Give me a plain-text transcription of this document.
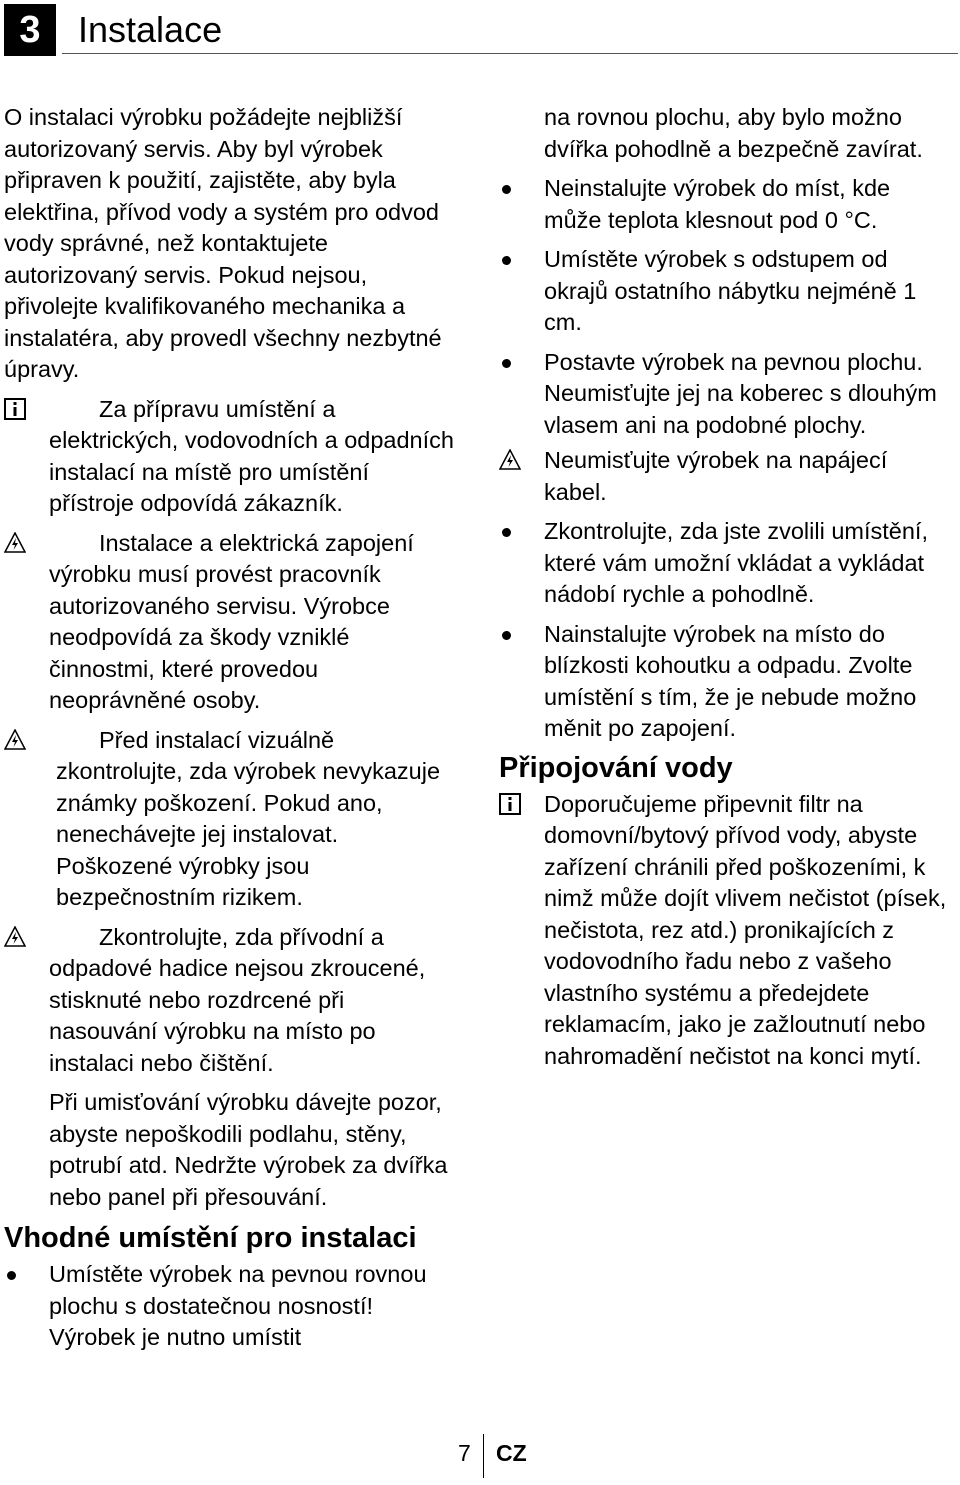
3	Instalace

O instalaci výrobku požádejte nejbližší autorizovaný servis. Aby byl výrobek připraven k použití, zajistěte, aby byla elektřina, přívod vody a systém pro odvod vody správné, než kontaktujete autorizovaný servis. Pokud nejsou, přivolejte kvalifikovaného mechanika a instalatéra, aby provedl všechny nezbytné úpravy.

Za přípravu umístění a elektrických, vodovodních a odpadních instalací na místě pro umístění přístroje odpovídá zákazník.

Instalace a elektrická zapojení výrobku musí provést pracovník autorizovaného servisu. Výrobce neodpovídá za škody vzniklé činnostmi, které provedou neoprávněné osoby.

Před instalací vizuálně zkontrolujte, zda výrobek nevykazuje známky poškození. Pokud ano, nenechávejte jej instalovat. Poškozené výrobky jsou bezpečnostním rizikem.

Zkontrolujte, zda přívodní a odpadové hadice nejsou zkroucené, stisknuté nebo rozdrcené při nasouvání výrobku na místo po instalaci nebo čištění.

Při umisťování výrobku dávejte pozor, abyste nepoškodili podlahu, stěny, potrubí atd. Nedržte výrobek za dvířka nebo panel při přesouvání.

Vhodné umístění pro instalaci

Umístěte výrobek na pevnou rovnou plochu s dostatečnou nosností! Výrobek je nutno umístit

na rovnou plochu, aby bylo možno dvířka pohodlně a bezpečně zavírat.

Neinstalujte výrobek do míst, kde může teplota klesnout pod 0 °C.

Umístěte výrobek s odstupem od okrajů ostatního nábytku nejméně 1 cm.

Postavte výrobek na pevnou plochu. Neumisťujte jej na koberec s dlouhým vlasem ani na podobné plochy.

Neumisťujte výrobek na napájecí kabel.

Zkontrolujte, zda jste zvolili umístění, které vám umožní vkládat a vykládat nádobí rychle a pohodlně.

Nainstalujte výrobek na místo do blízkosti kohoutku a odpadu. Zvolte umístění s tím, že je nebude možno měnit po zapojení.

Připojování vody

Doporučujeme připevnit filtr na domovní/bytový přívod vody, abyste zařízení chránili před poškozeními, k nimž může dojít vlivem nečistot (písek, nečistota, rez atd.) pronikajících z vodovodního řadu nebo z vašeho vlastního systému a předejdete reklamacím, jako je zažloutnutí nebo nahromadění nečistot na konci mytí.

7 CZ
